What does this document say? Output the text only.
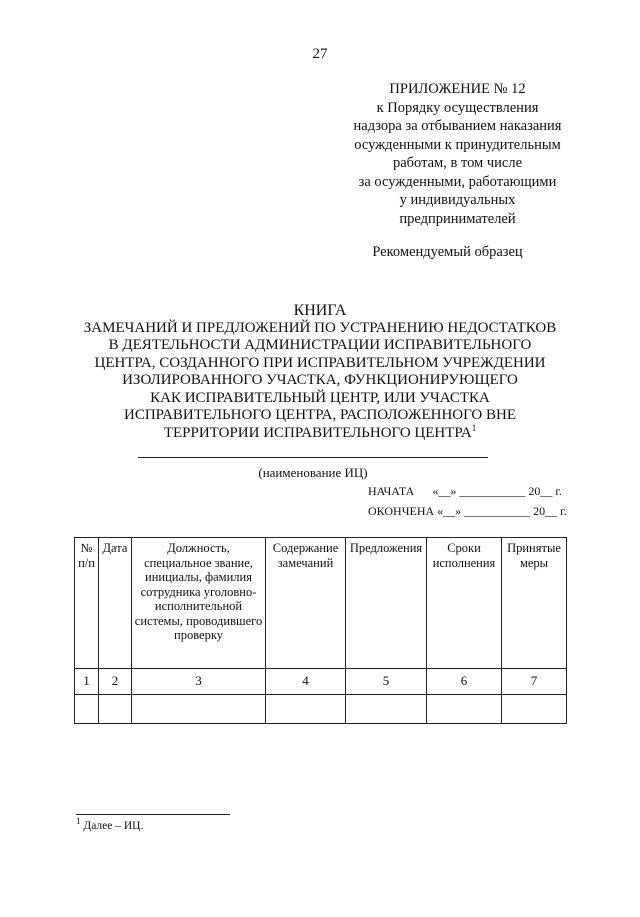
27
ПРИЛОЖЕНИЕ № 12
к Порядку осуществления
надзора за отбыванием наказания
осужденными к принудительным
работам, в том числе
за осужденными, работающими
у индивидуальных
предпринимателей
Рекомендуемый образец
КНИГА
ЗАМЕЧАНИЙ И ПРЕДЛОЖЕНИЙ ПО УСТРАНЕНИЮ НЕДОСТАТКОВ
В ДЕЯТЕЛЬНОСТИ АДМИНИСТРАЦИИ ИСПРАВИТЕЛЬНОГО
ЦЕНТРА, СОЗДАННОГО ПРИ ИСПРАВИТЕЛЬНОМ УЧРЕЖДЕНИИ
ИЗОЛИРОВАННОГО УЧАСТКА, ФУНКЦИОНИРУЮЩЕГО
КАК ИСПРАВИТЕЛЬНЫЙ ЦЕНТР, ИЛИ УЧАСТКА
ИСПРАВИТЕЛЬНОГО ЦЕНТРА, РАСПОЛОЖЕННОГО ВНЕ
ТЕРРИТОРИИ ИСПРАВИТЕЛЬНОГО ЦЕНТРА$^1$
(наименование ИЦ)
НАЧАТА      «__» ___________ 20__ г.
ОКОНЧЕНА «__» ___________ 20__ г.
№ п/п	Дата	Должность, специальное звание, инициалы, фамилия сотрудника уголовно-исполнительной системы, проводившего проверку	Содержание замечаний	Предложения	Сроки исполнения	Принятые меры
1	2	3	4	5	6	7

$^1$ Далее – ИЦ.
